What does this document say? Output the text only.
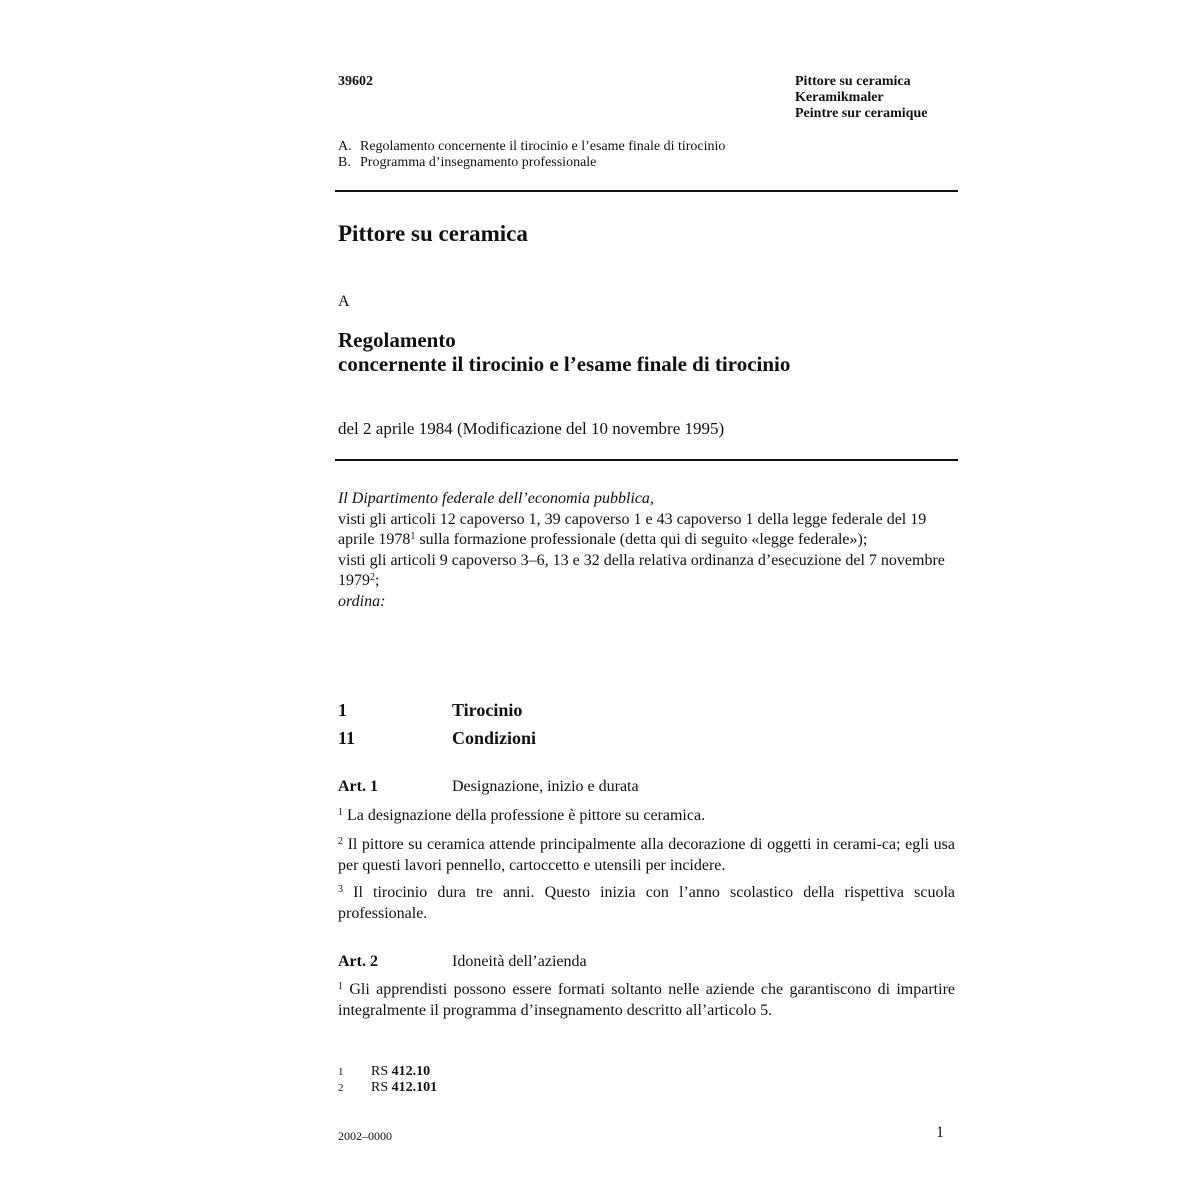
39602	Pittore su ceramica
Keramikmaler
Peintre sur ceramique
A. Regolamento concernente il tirocinio e l’esame finale di tirocinio
B. Programma d’insegnamento professionale
Pittore su ceramica
A
Regolamento
concernente il tirocinio e l’esame finale di tirocinio
del 2 aprile 1984 (Modificazione del 10 novembre 1995)
Il Dipartimento federale dell’economia pubblica,
visti gli articoli 12 capoverso 1, 39 capoverso 1 e 43 capoverso 1 della legge federale del 19 aprile 1978$^1$ sulla formazione professionale (detta qui di seguito «legge federale»);
visti gli articoli 9 capoverso 3–6, 13 e 32 della relativa ordinanza d’esecuzione del 7 novembre 1979$^2$;
ordina:
1	Tirocinio
11	Condizioni
Art. 1	Designazione, inizio e durata
$^1$ La designazione della professione è pittore su ceramica.
$^2$ Il pittore su ceramica attende principalmente alla decorazione di oggetti in cerami-ca; egli usa per questi lavori pennello, cartoccetto e utensili per incidere.
$^3$ Il tirocinio dura tre anni. Questo inizia con l’anno scolastico della rispettiva scuola professionale.
Art. 2	Idoneità dell’azienda
$^1$ Gli apprendisti possono essere formati soltanto nelle aziende che garantiscono di impartire integralmente il programma d’insegnamento descritto all’articolo 5.
1	RS 412.10
2	RS 412.101
2002–0000	1
